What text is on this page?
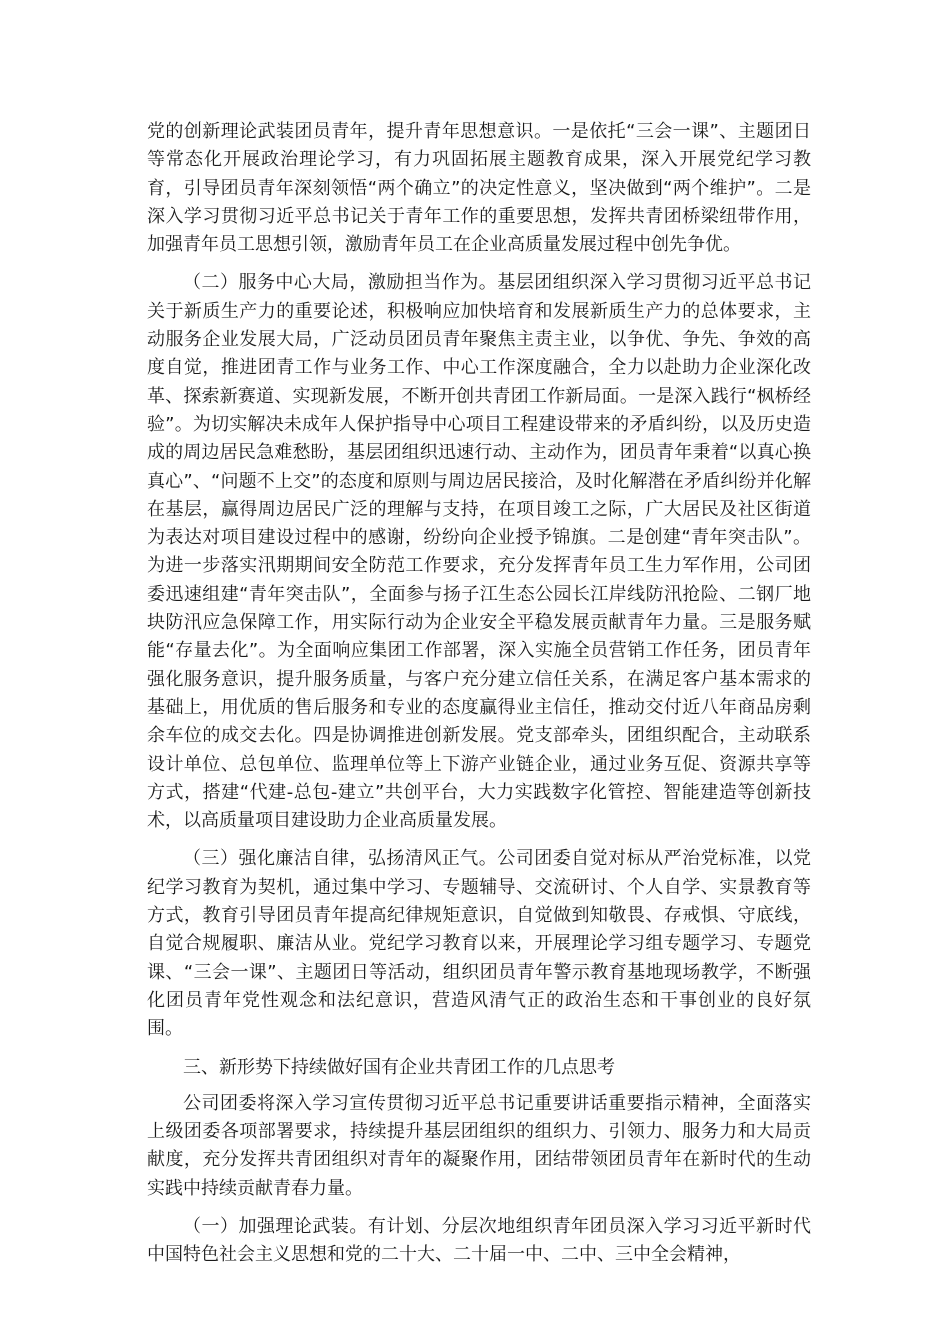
党的创新理论武装团员青年，提升青年思想意识。一是依托“三会一课”、主题团日等常态化开展政治理论学习，有力巩固拓展主题教育成果，深入开展党纪学习教育，引导团员青年深刻领悟“两个确立”的决定性意义，坚决做到“两个维护”。二是深入学习贯彻习近平总书记关于青年工作的重要思想，发挥共青团桥梁纽带作用，加强青年员工思想引领，激励青年员工在企业高质量发展过程中创先争优。

（二）服务中心大局，激励担当作为。基层团组织深入学习贯彻习近平总书记关于新质生产力的重要论述，积极响应加快培育和发展新质生产力的总体要求，主动服务企业发展大局，广泛动员团员青年聚焦主责主业，以争优、争先、争效的高度自觉，推进团青工作与业务工作、中心工作深度融合，全力以赴助力企业深化改革、探索新赛道、实现新发展，不断开创共青团工作新局面。一是深入践行“枫桥经验”。为切实解决未成年人保护指导中心项目工程建设带来的矛盾纠纷，以及历史造成的周边居民急难愁盼，基层团组织迅速行动、主动作为，团员青年秉着“以真心换真心”、“问题不上交”的态度和原则与周边居民接洽，及时化解潜在矛盾纠纷并化解在基层，赢得周边居民广泛的理解与支持，在项目竣工之际，广大居民及社区街道为表达对项目建设过程中的感谢，纷纷向企业授予锦旗。二是创建“青年突击队”。为进一步落实汛期期间安全防范工作要求，充分发挥青年员工生力军作用，公司团委迅速组建“青年突击队”，全面参与扬子江生态公园长江岸线防汛抢险、二钢厂地块防汛应急保障工作，用实际行动为企业安全平稳发展贡献青年力量。三是服务赋能“存量去化”。为全面响应集团工作部署，深入实施全员营销工作任务，团员青年强化服务意识，提升服务质量，与客户充分建立信任关系，在满足客户基本需求的基础上，用优质的售后服务和专业的态度赢得业主信任，推动交付近八年商品房剩余车位的成交去化。四是协调推进创新发展。党支部牵头，团组织配合，主动联系设计单位、总包单位、监理单位等上下游产业链企业，通过业务互促、资源共享等方式，搭建“代建-总包-建立”共创平台，大力实践数字化管控、智能建造等创新技术，以高质量项目建设助力企业高质量发展。

（三）强化廉洁自律，弘扬清风正气。公司团委自觉对标从严治党标准，以党纪学习教育为契机，通过集中学习、专题辅导、交流研讨、个人自学、实景教育等方式，教育引导团员青年提高纪律规矩意识，自觉做到知敬畏、存戒惧、守底线，自觉合规履职、廉洁从业。党纪学习教育以来，开展理论学习组专题学习、专题党课、“三会一课”、主题团日等活动，组织团员青年警示教育基地现场教学，不断强化团员青年党性观念和法纪意识，营造风清气正的政治生态和干事创业的良好氛围。

三、新形势下持续做好国有企业共青团工作的几点思考

公司团委将深入学习宣传贯彻习近平总书记重要讲话重要指示精神，全面落实上级团委各项部署要求，持续提升基层团组织的组织力、引领力、服务力和大局贡献度，充分发挥共青团组织对青年的凝聚作用，团结带领团员青年在新时代的生动实践中持续贡献青春力量。

（一）加强理论武装。有计划、分层次地组织青年团员深入学习习近平新时代中国特色社会主义思想和党的二十大、二十届一中、二中、三中全会精神，
